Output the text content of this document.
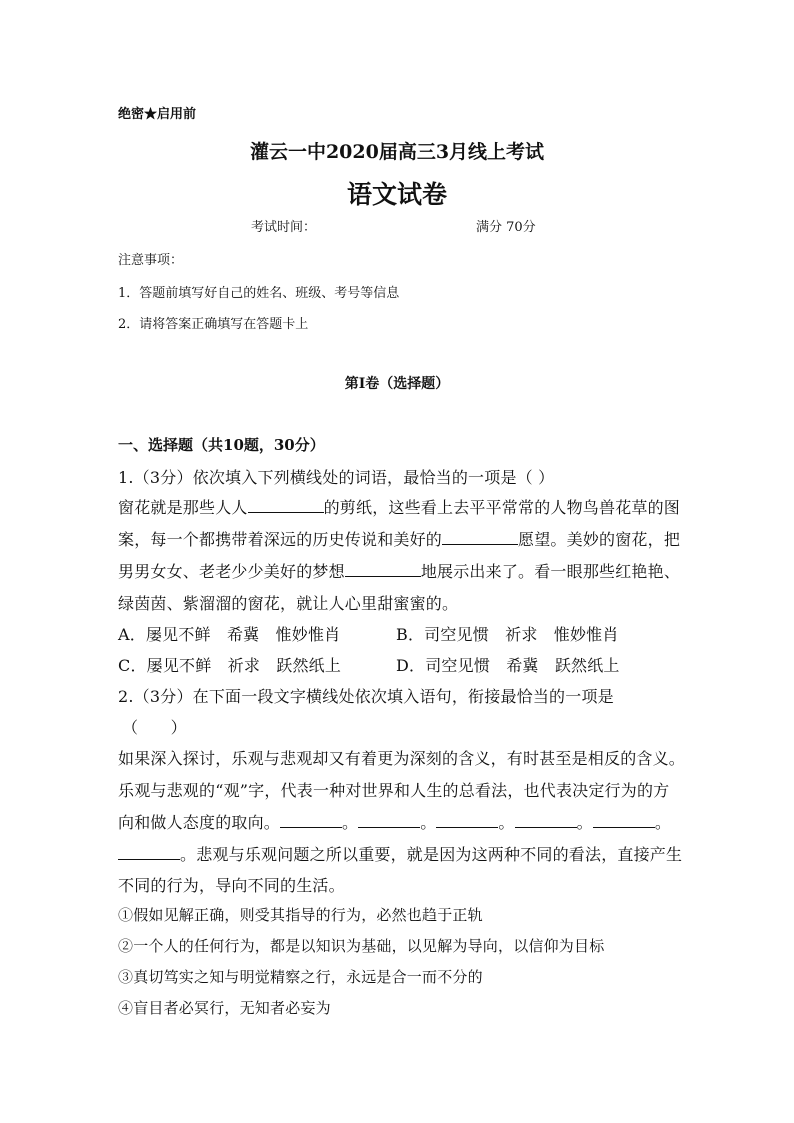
绝密★启用前
灌云一中2020届高三3月线上考试
语文试卷
考试时间：	满分 70分
注意事项：
1．答题前填写好自己的姓名、班级、考号等信息
2．请将答案正确填写在答题卡上
第I卷（选择题）
一、选择题（共10题，30分）
1.（3分）依次填入下列横线处的词语，最恰当的一项是（ ）
窗花就是那些人人	的剪纸，这些看上去平平常常的人物鸟兽花草的图
案，每一个都携带着深远的历史传说和美好的	愿望。美妙的窗花，把
男男女女、老老少少美好的梦想	地展示出来了。看一眼那些红艳艳、
绿茵茵、紫溜溜的窗花，就让人心里甜蜜蜜的。
A．屡见不鲜　希冀　惟妙惟肖	B．司空见惯　祈求　惟妙惟肖
C．屡见不鲜　祈求　跃然纸上	D．司空见惯　希冀　跃然纸上
2.（3分）在下面一段文字横线处依次填入语句，衔接最恰当的一项是
（　　）
如果深入探讨，乐观与悲观却又有着更为深刻的含义，有时甚至是相反的含义。
乐观与悲观的“观”字，代表一种对世界和人生的总看法，也代表决定行为的方
向和做人态度的取向。	。	。	。	。	。
。悲观与乐观问题之所以重要，就是因为这两种不同的看法，直接产生
不同的行为，导向不同的生活。
①假如见解正确，则受其指导的行为，必然也趋于正轨
②一个人的任何行为，都是以知识为基础，以见解为导向，以信仰为目标
③真切笃实之知与明觉精察之行，永远是合一而不分的
④盲目者必冥行，无知者必妄为
